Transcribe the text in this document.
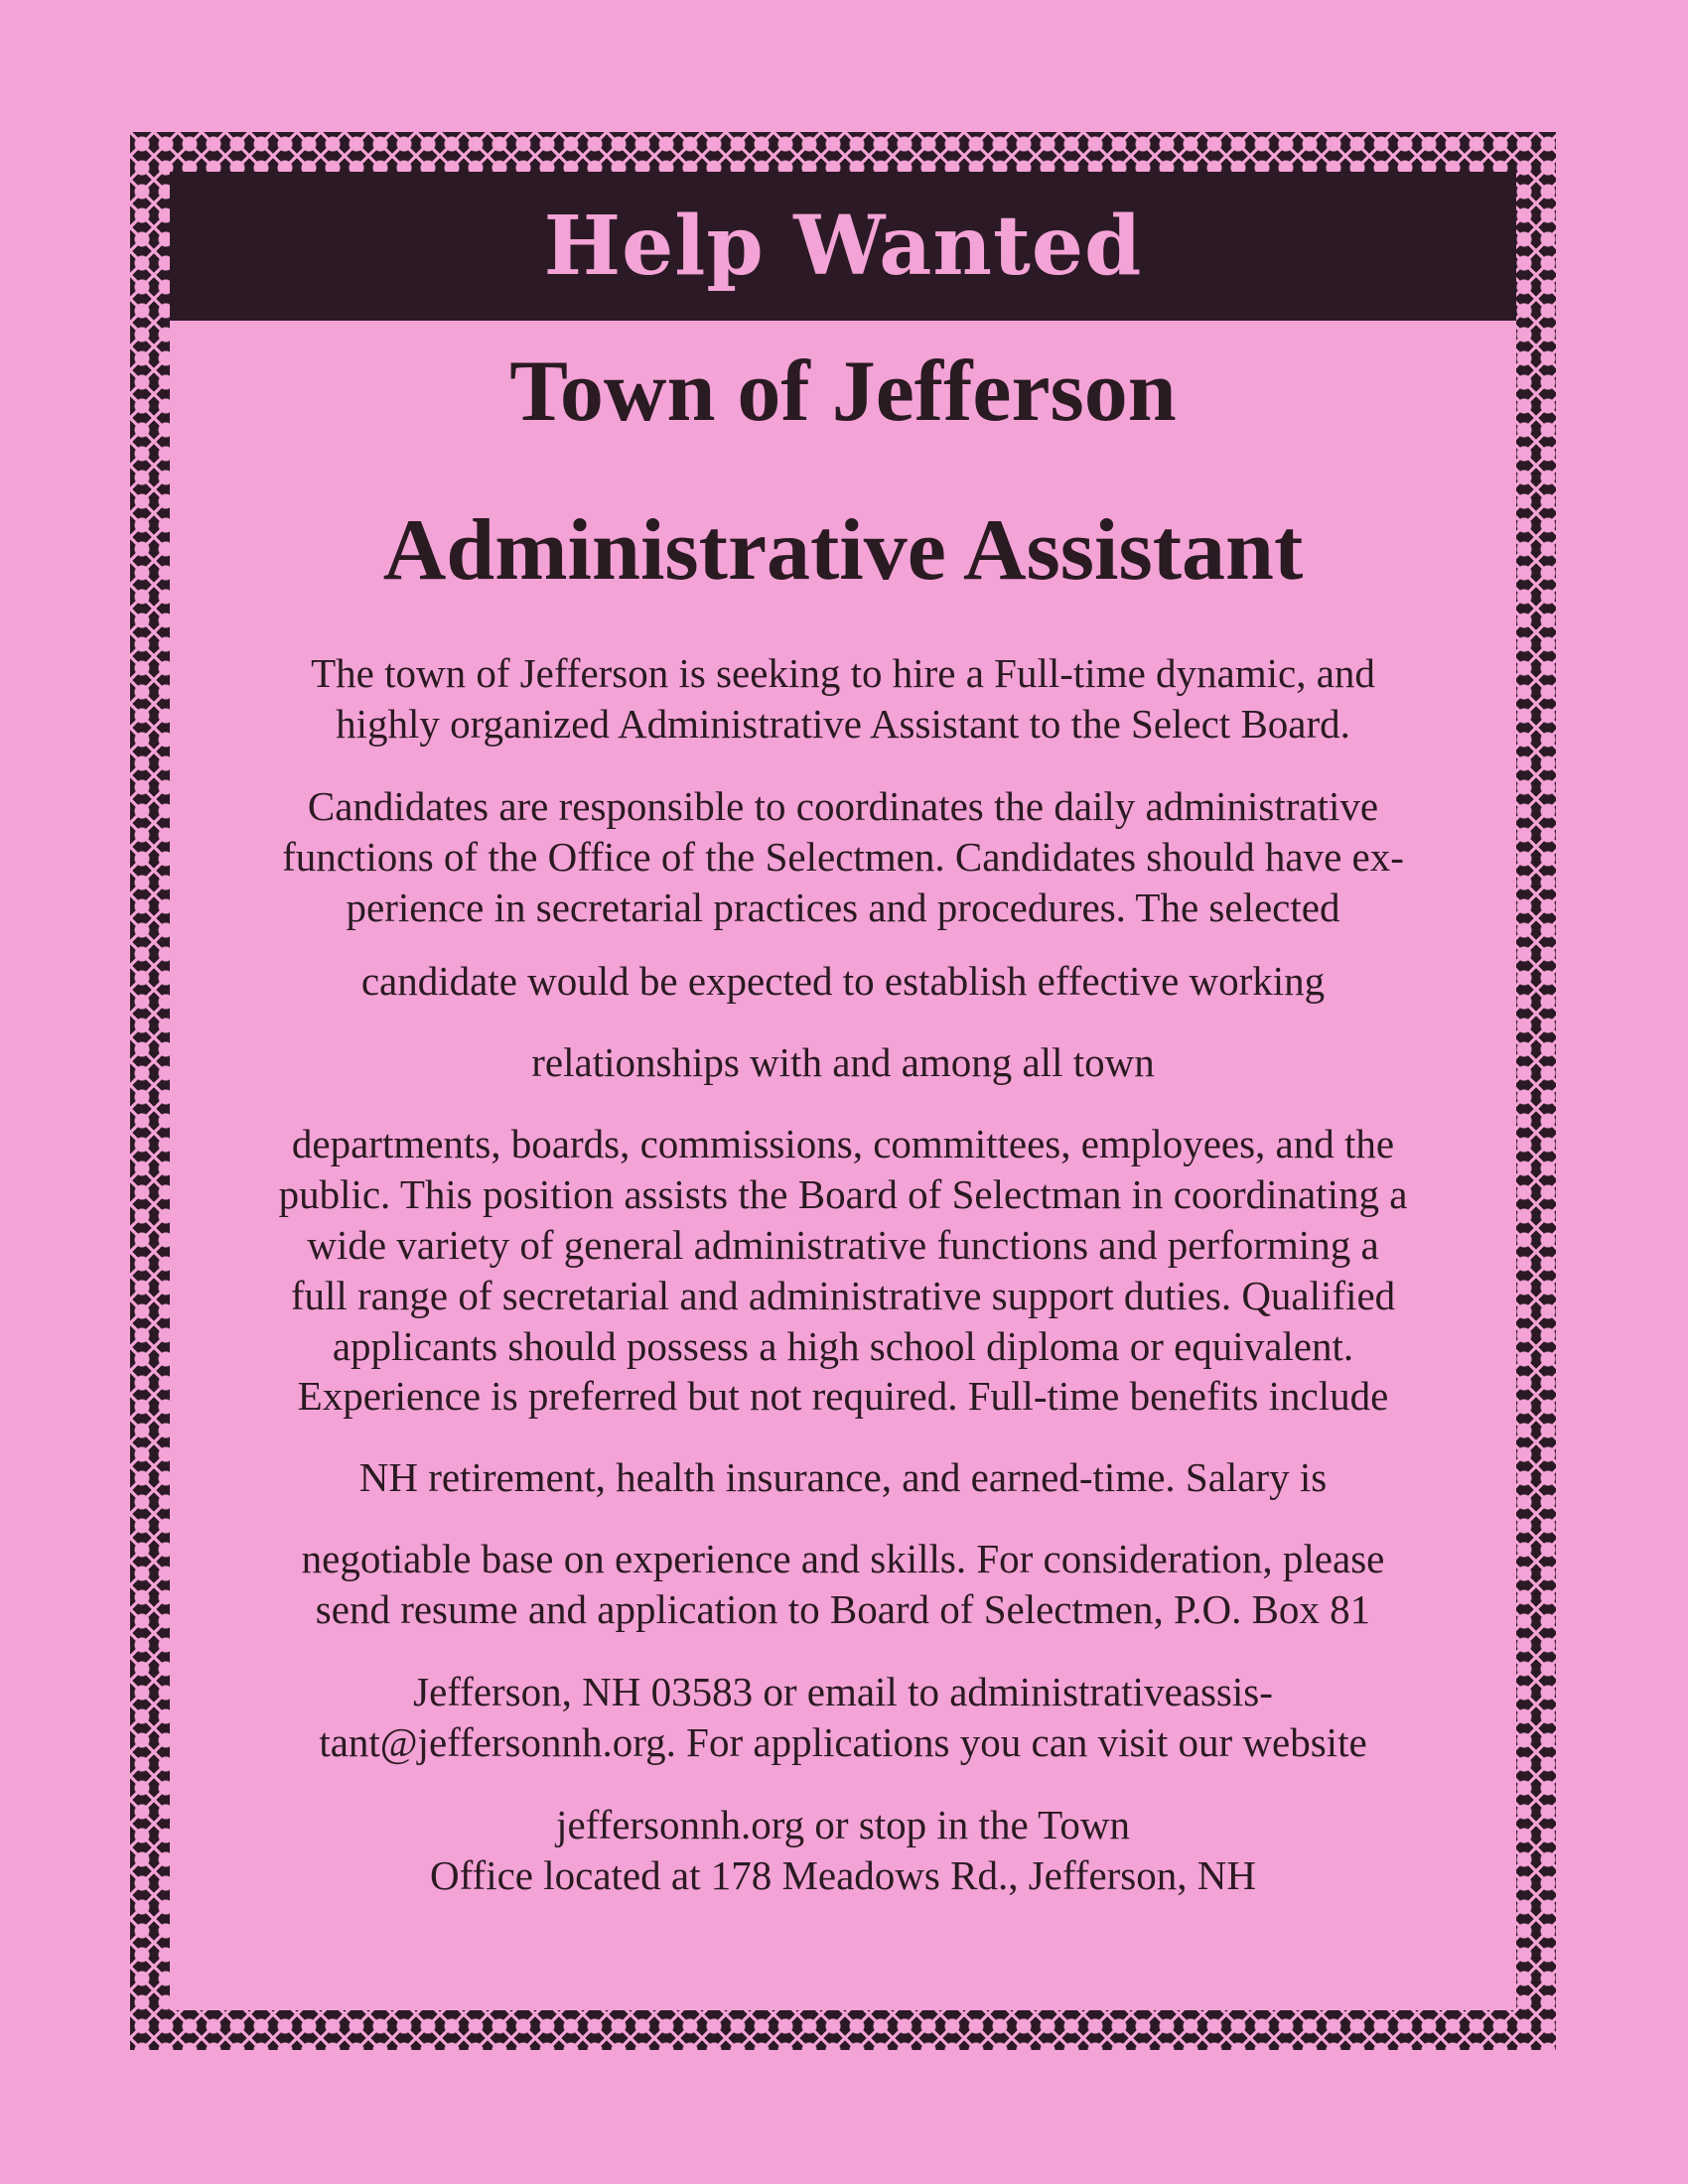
Help Wanted
Town of Jefferson
Administrative Assistant
The town of Jefferson is seeking to hire a Full-time dynamic, and
highly organized Administrative Assistant to the Select Board.
Candidates are responsible to coordinates the daily administrative
functions of the Office of the Selectmen. Candidates should have ex-
perience in secretarial practices and procedures. The selected
candidate would be expected to establish effective working
relationships with and among all town
departments, boards, commissions, committees, employees, and the
public. This position assists the Board of Selectman in coordinating a
wide variety of general administrative functions and performing a
full range of secretarial and administrative support duties. Qualified
applicants should possess a high school diploma or equivalent.
Experience is preferred but not required. Full-time benefits include
NH retirement, health insurance, and earned-time. Salary is
negotiable base on experience and skills. For consideration, please
send resume and application to Board of Selectmen, P.O. Box 81
Jefferson, NH 03583 or email to administrativeassis-
tant@jeffersonnh.org. For applications you can visit our website
jeffersonnh.org or stop in the Town
Office located at 178 Meadows Rd., Jefferson, NH
